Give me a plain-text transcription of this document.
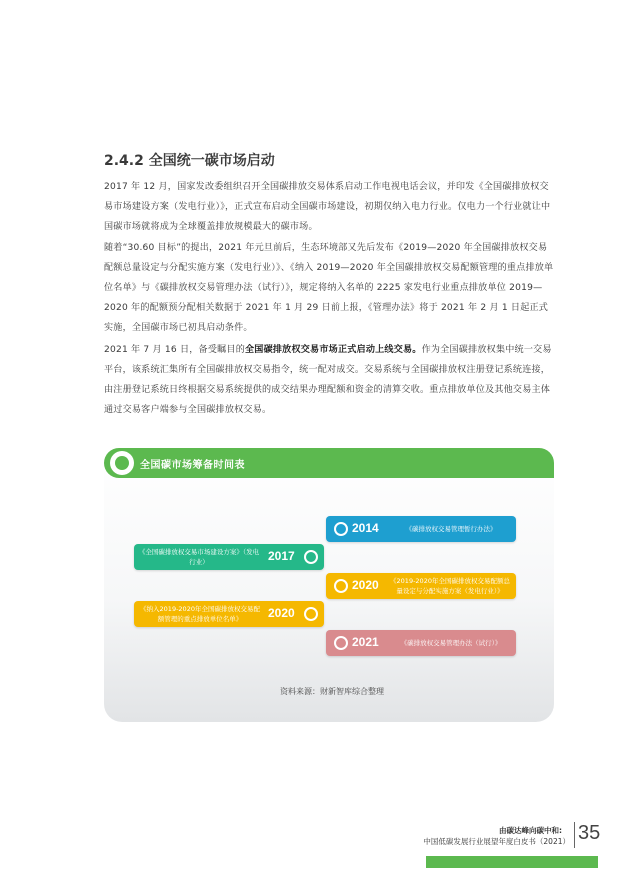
2.4.2 全国统一碳市场启动

2017 年 12 月，国家发改委组织召开全国碳排放交易体系启动工作电视电话会议，并印发《全国碳排放权交易市场建设方案（发电行业）》，正式宣布启动全国碳市场建设，初期仅纳入电力行业。仅电力一个行业就让中国碳市场就将成为全球覆盖排放规模最大的碳市场。

随着“30.60 目标”的提出，2021 年元旦前后，生态环境部又先后发布《2019—2020 年全国碳排放权交易配额总量设定与分配实施方案（发电行业）》、《纳入 2019—2020 年全国碳排放权交易配额管理的重点排放单位名单》与《碳排放权交易管理办法（试行）》，规定将纳入名单的 2225 家发电行业重点排放单位 2019—2020 年的配额预分配相关数据于 2021 年 1 月 29 日前上报，《管理办法》将于 2021 年 2 月 1 日起正式实施，全国碳市场已初具启动条件。

2021 年 7 月 16 日，备受瞩目的全国碳排放权交易市场正式启动上线交易。作为全国碳排放权集中统一交易平台，该系统汇集所有全国碳排放权交易指令，统一配对成交。交易系统与全国碳排放权注册登记系统连接，由注册登记系统日终根据交易系统提供的成交结果办理配额和资金的清算交收。重点排放单位及其他交易主体通过交易客户端参与全国碳排放权交易。

资料来源：财新智库综合整理
全国碳市场筹备时间表
2014	《碳排放权交易管理暂行办法》
《全国碳排放权交易市场建设方案》（发电行业）	2017
2020	《2019-2020年全国碳排放权交易配额总量设定与分配实施方案（发电行业）》
《纳入2019-2020年全国碳排放权交易配额管理的重点排放单位名单》	2020
2021	《碳排放权交易管理办法（试行）》
由碳达峰向碳中和:
中国低碳发展行业展望年度白皮书（2021） 35
